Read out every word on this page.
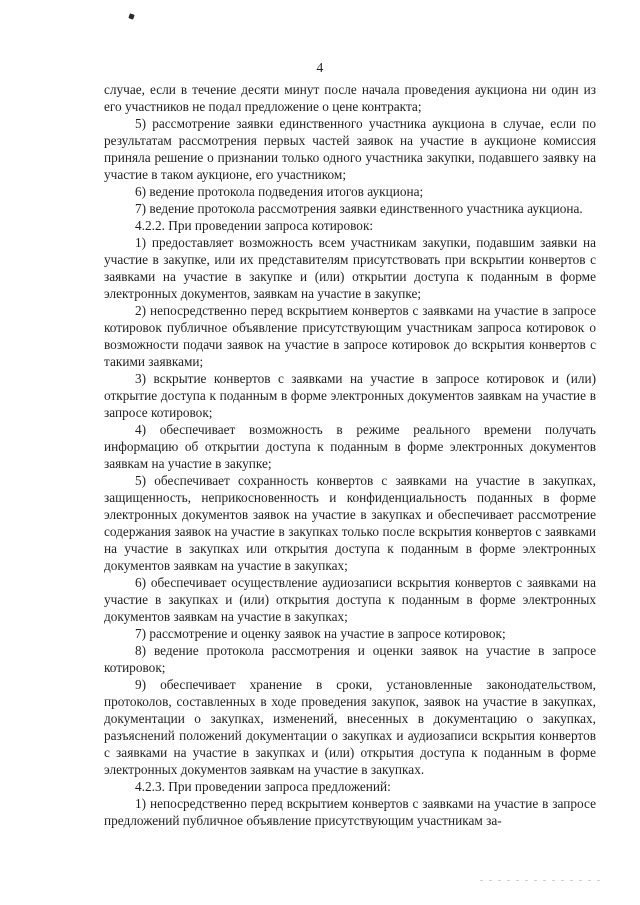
4

случае, если в течение десяти минут после начала проведения аукциона ни один из его участников не подал предложение о цене контракта;

5) рассмотрение заявки единственного участника аукциона в случае, если по результатам рассмотрения первых частей заявок на участие в аукционе комиссия приняла решение о признании только одного участника закупки, подавшего заявку на участие в таком аукционе, его участником;

6) ведение протокола подведения итогов аукциона;

7) ведение протокола рассмотрения заявки единственного участника аукциона.

4.2.2. При проведении запроса котировок:

1) предоставляет возможность всем участникам закупки, подавшим заявки на участие в закупке, или их представителям присутствовать при вскрытии конвертов с заявками на участие в закупке и (или) открытии доступа к поданным в форме электронных документов, заявкам на участие в закупке;

2) непосредственно перед вскрытием конвертов с заявками на участие в запросе котировок публичное объявление присутствующим участникам запроса котировок о возможности подачи заявок на участие в запросе котировок до вскрытия конвертов с такими заявками;

3) вскрытие конвертов с заявками на участие в запросе котировок и (или) открытие доступа к поданным в форме электронных документов заявкам на участие в запросе котировок;

4) обеспечивает возможность в режиме реального времени получать информацию об открытии доступа к поданным в форме электронных документов заявкам на участие в закупке;

5) обеспечивает сохранность конвертов с заявками на участие в закупках, защищенность, неприкосновенность и конфиденциальность поданных в форме электронных документов заявок на участие в закупках и обеспечивает рассмотрение содержания заявок на участие в закупках только после вскрытия конвертов с заявками на участие в закупках или открытия доступа к поданным в форме электронных документов заявкам на участие в закупках;

6) обеспечивает осуществление аудиозаписи вскрытия конвертов с заявками на участие в закупках и (или) открытия доступа к поданным в форме электронных документов заявкам на участие в закупках;

7) рассмотрение и оценку заявок на участие в запросе котировок;

8) ведение протокола рассмотрения и оценки заявок на участие в запросе котировок;

9) обеспечивает хранение в сроки, установленные законодательством, протоколов, составленных в ходе проведения закупок, заявок на участие в закупках, документации о закупках, изменений, внесенных в документацию о закупках, разъяснений положений документации о закупках и аудиозаписи вскрытия конвертов с заявками на участие в закупках и (или) открытия доступа к поданным в форме электронных документов заявкам на участие в закупках.

4.2.3. При проведении запроса предложений:

1) непосредственно перед вскрытием конвертов с заявками на участие в запросе предложений публичное объявление присутствующим участникам за-
